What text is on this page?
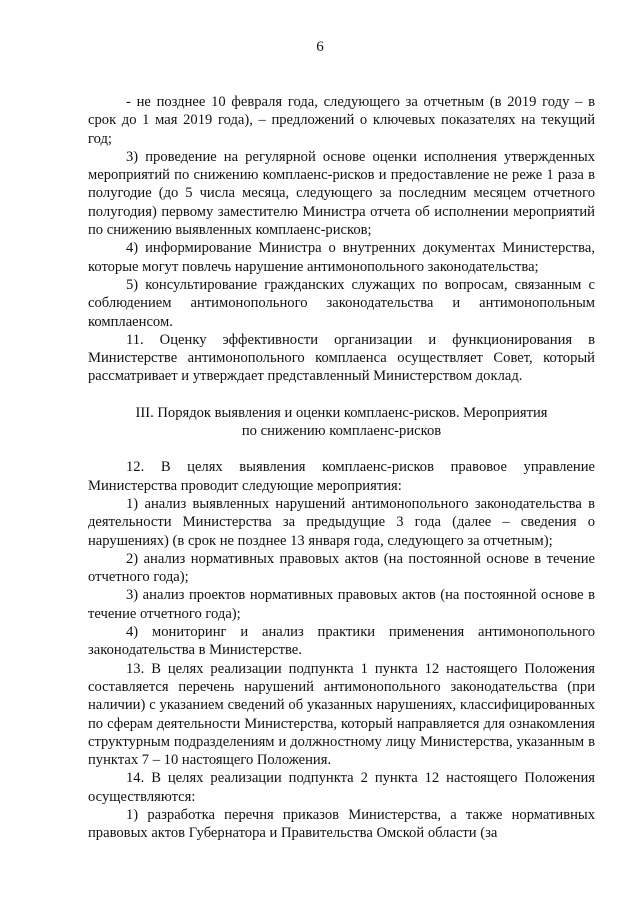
6

- не позднее 10 февраля года, следующего за отчетным (в 2019 году – в срок до 1 мая 2019 года), – предложений о ключевых показателях на текущий год;

3) проведение на регулярной основе оценки исполнения утвержденных мероприятий по снижению комплаенс-рисков и предоставление не реже 1 раза в полугодие (до 5 числа месяца, следующего за последним месяцем отчетного полугодия) первому заместителю Министра отчета об исполнении мероприятий по снижению выявленных комплаенс-рисков;

4) информирование Министра о внутренних документах Министерства, которые могут повлечь нарушение антимонопольного законодательства;

5) консультирование гражданских служащих по вопросам, связанным с соблюдением антимонопольного законодательства и антимонопольным комплаенсом.

11. Оценку эффективности организации и функционирования в Министерстве антимонопольного комплаенса осуществляет Совет, который рассматривает и утверждает представленный Министерством доклад.

III. Порядок выявления и оценки комплаенс-рисков. Мероприятия
по снижению комплаенс-рисков

12. В целях выявления комплаенс-рисков правовое управление Министерства проводит следующие мероприятия:

1) анализ выявленных нарушений антимонопольного законодательства в деятельности Министерства за предыдущие 3 года (далее – сведения о нарушениях) (в срок не позднее 13 января года, следующего за отчетным);

2) анализ нормативных правовых актов (на постоянной основе в течение отчетного года);

3) анализ проектов нормативных правовых актов (на постоянной основе в течение отчетного года);

4) мониторинг и анализ практики применения антимонопольного законодательства в Министерстве.

13. В целях реализации подпункта 1 пункта 12 настоящего Положения составляется перечень нарушений антимонопольного законодательства (при наличии) с указанием сведений об указанных нарушениях, классифицированных по сферам деятельности Министерства, который направляется для ознакомления структурным подразделениям и должностному лицу Министерства, указанным в пунктах 7 – 10 настоящего Положения.

14. В целях реализации подпункта 2 пункта 12 настоящего Положения осуществляются:

1) разработка перечня приказов Министерства, а также нормативных правовых актов Губернатора и Правительства Омской области (за
